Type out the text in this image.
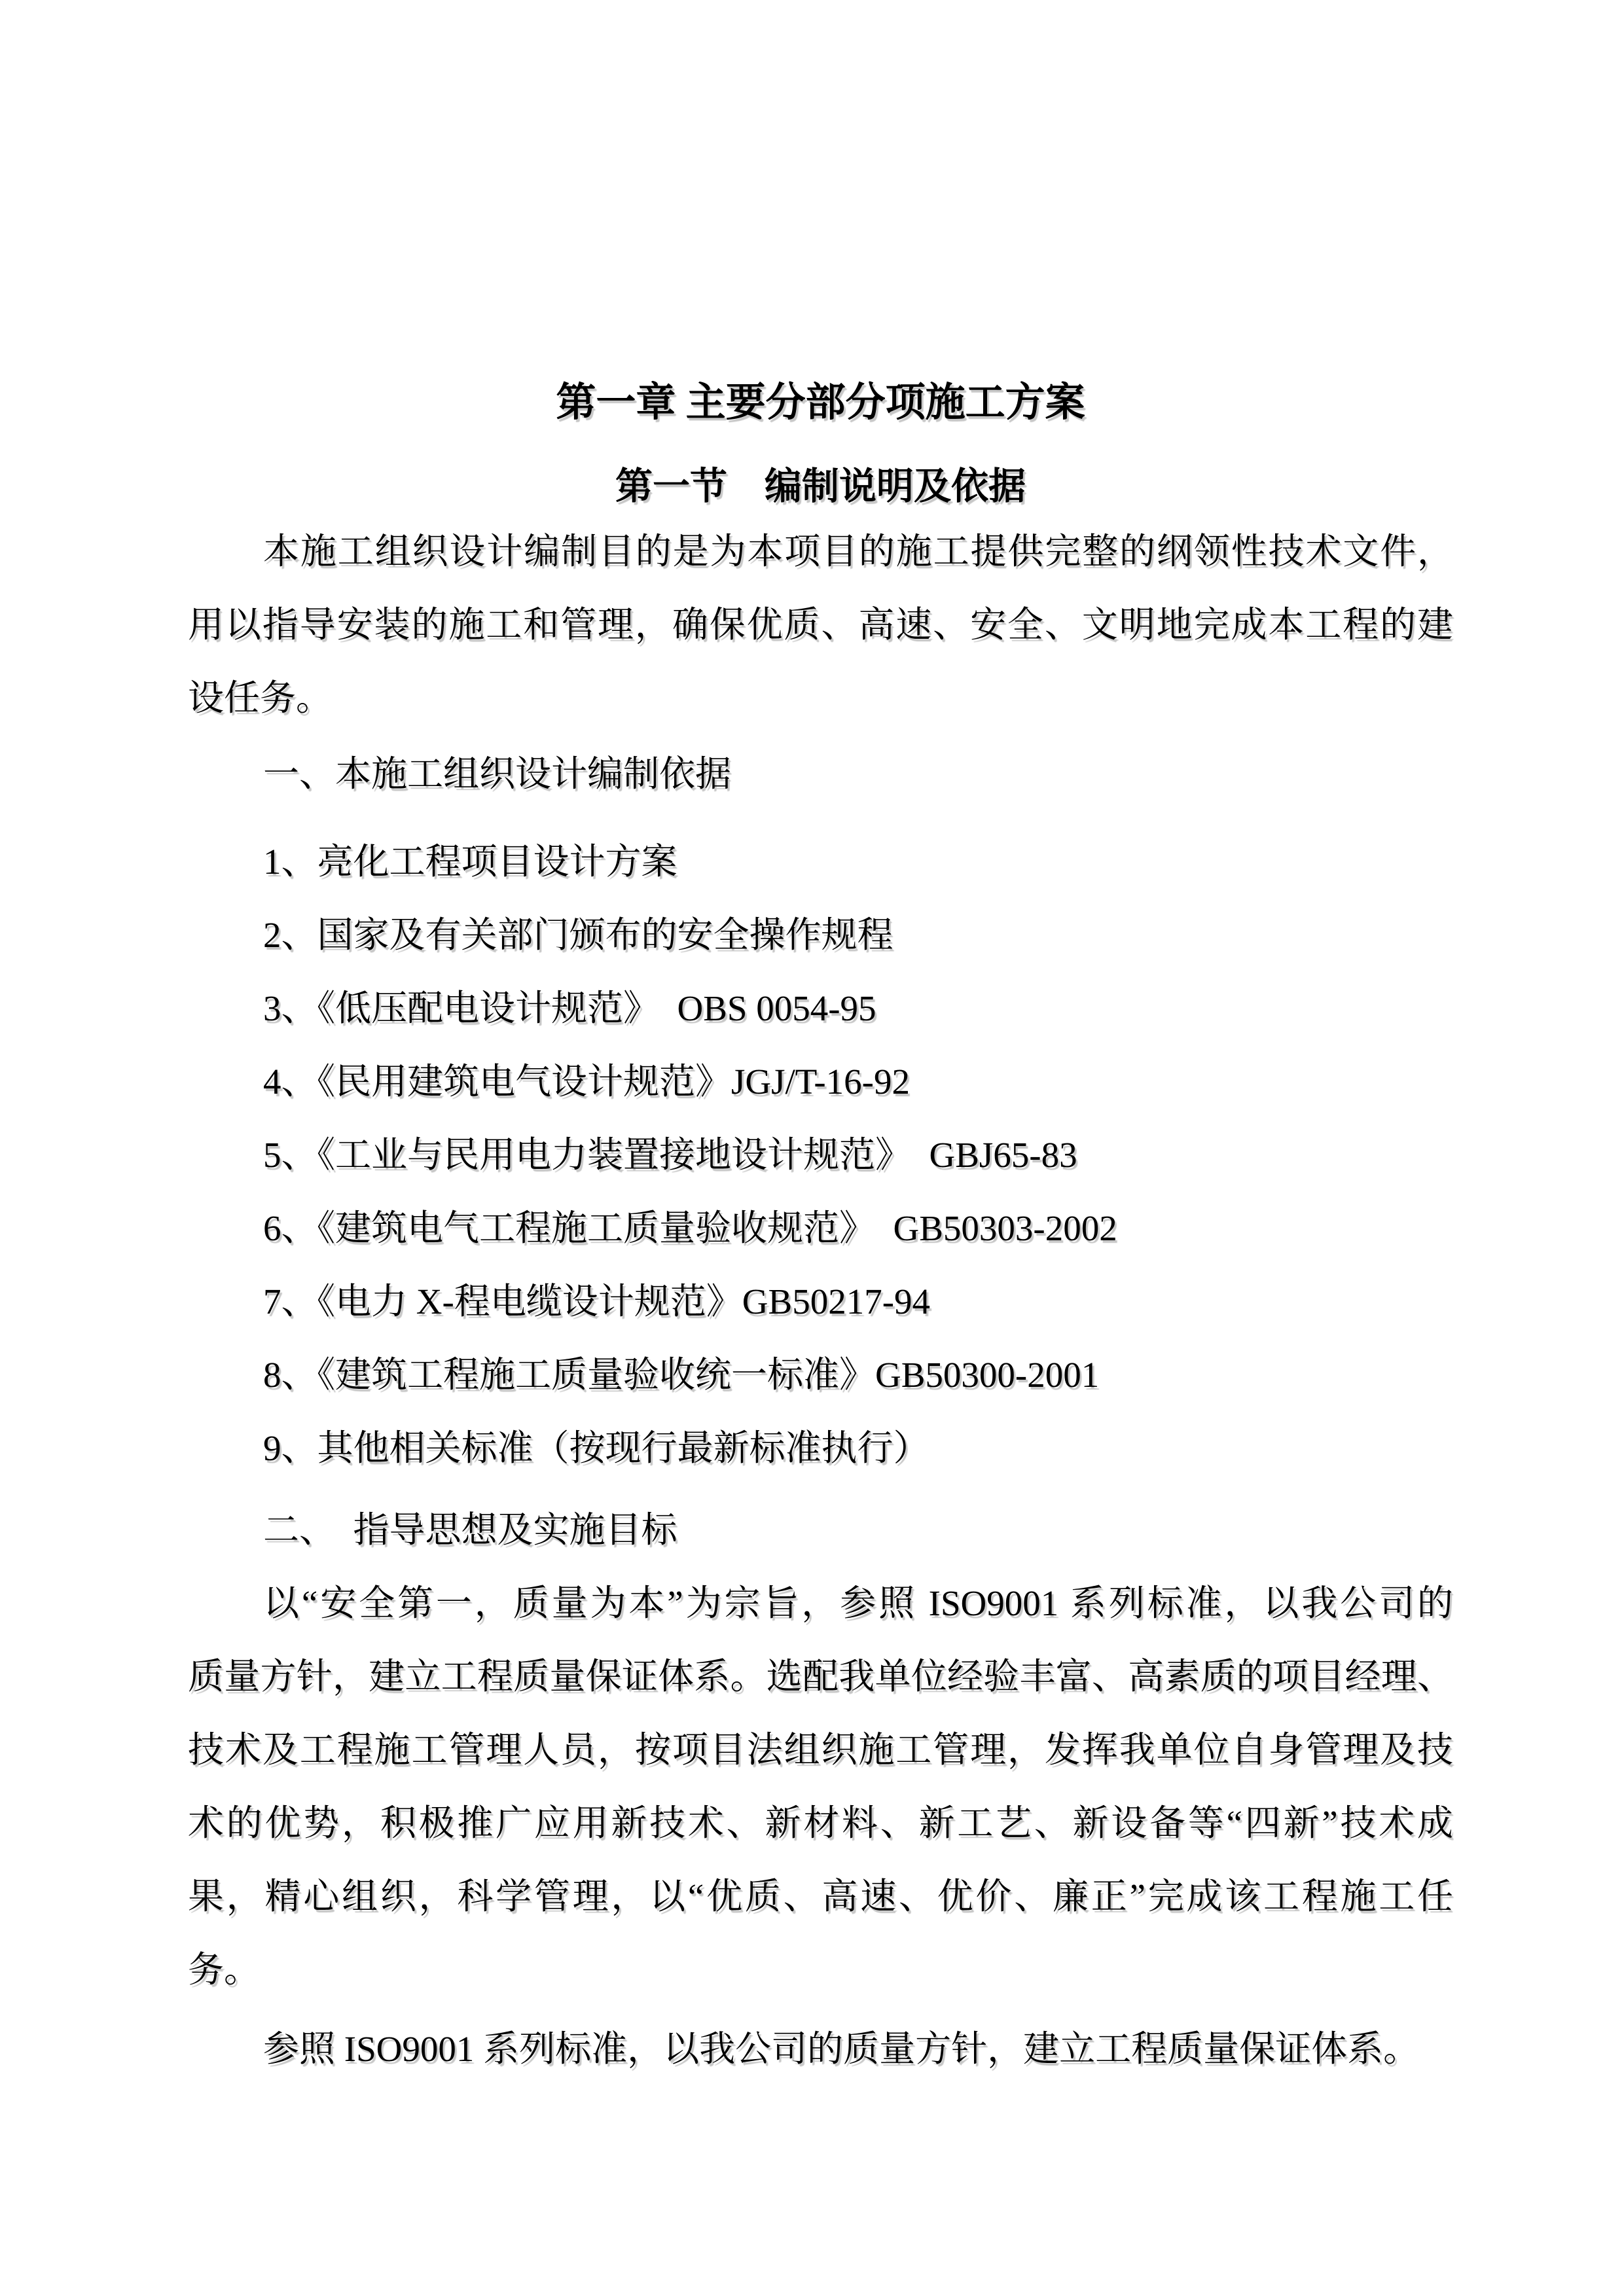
第一章 主要分部分项施工方案
第一节　编制说明及依据
本施工组织设计编制目的是为本项目的施工提供完整的纲领性技术文件，
用以指导安装的施工和管理，确保优质、高速、安全、文明地完成本工程的建
设任务。
一、本施工组织设计编制依据
1、亮化工程项目设计方案
2、国家及有关部门颁布的安全操作规程
3、《低压配电设计规范》　OBS 0054-95
4、《民用建筑电气设计规范》JGJ/T-16-92
5、《工业与民用电力装置接地设计规范》　GBJ65-83
6、《建筑电气工程施工质量验收规范》　GB50303-2002
7、《电力 X-程电缆设计规范》GB50217-94
8、《建筑工程施工质量验收统一标准》GB50300-2001
9、其他相关标准（按现行最新标准执行）
二、　指导思想及实施目标
以“安全第一，质量为本”为宗旨，参照 ISO9001 系列标准，以我公司的
质量方针，建立工程质量保证体系。选配我单位经验丰富、高素质的项目经理、
技术及工程施工管理人员，按项目法组织施工管理，发挥我单位自身管理及技
术的优势，积极推广应用新技术、新材料、新工艺、新设备等“四新”技术成
果，精心组织，科学管理，以“优质、高速、优价、廉正”完成该工程施工任
务。
参照 ISO9001 系列标准，以我公司的质量方针，建立工程质量保证体系。
